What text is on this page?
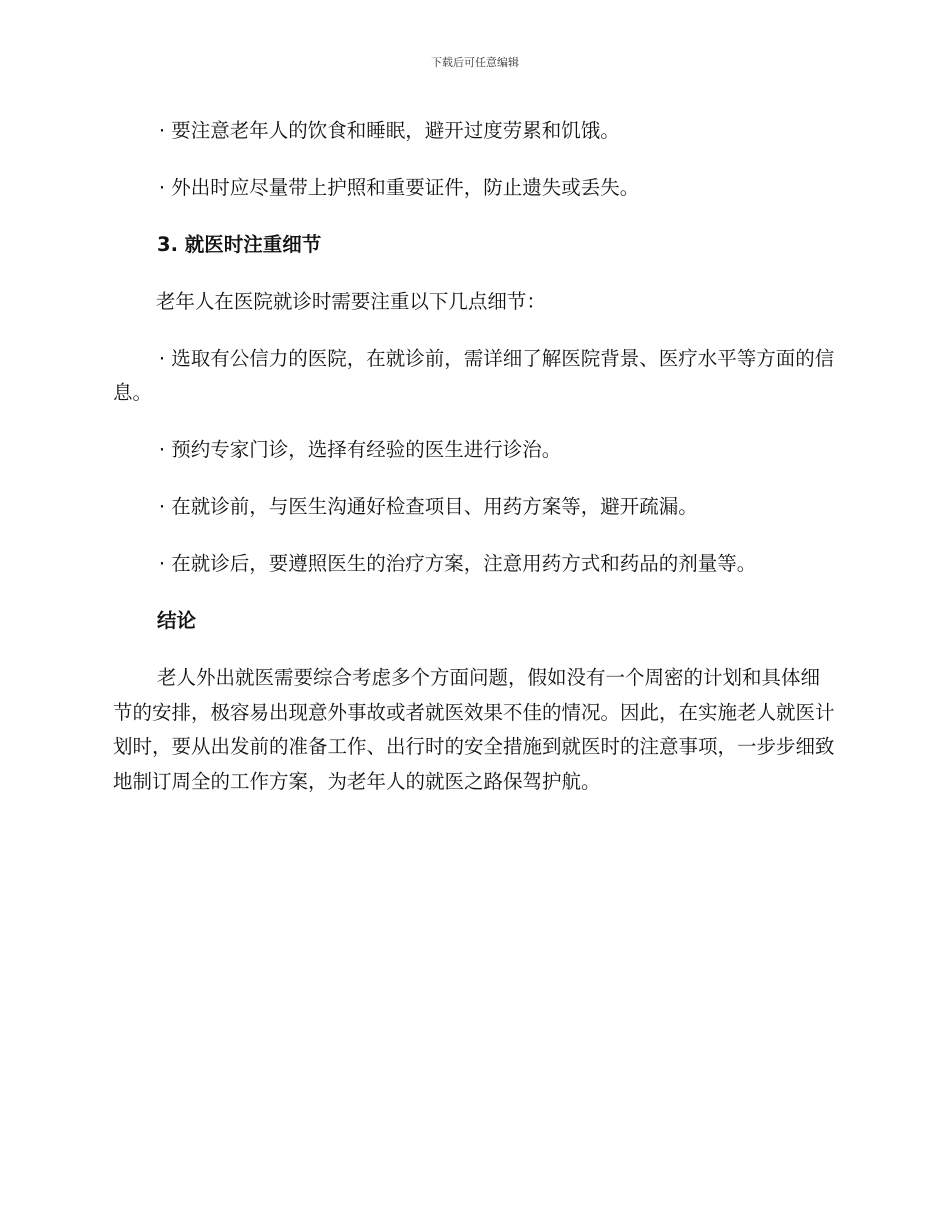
下载后可任意编辑

· 要注意老年人的饮食和睡眠，避开过度劳累和饥饿。

· 外出时应尽量带上护照和重要证件，防止遗失或丢失。

3. 就医时注重细节

老年人在医院就诊时需要注重以下几点细节：

· 选取有公信力的医院，在就诊前，需详细了解医院背景、医疗水平等方面的信息。

· 预约专家门诊，选择有经验的医生进行诊治。

· 在就诊前，与医生沟通好检查项目、用药方案等，避开疏漏。

· 在就诊后，要遵照医生的治疗方案，注意用药方式和药品的剂量等。

结论

老人外出就医需要综合考虑多个方面问题，假如没有一个周密的计划和具体细节的安排，极容易出现意外事故或者就医效果不佳的情况。因此，在实施老人就医计划时，要从出发前的准备工作、出行时的安全措施到就医时的注意事项，一步步细致地制订周全的工作方案，为老年人的就医之路保驾护航。
